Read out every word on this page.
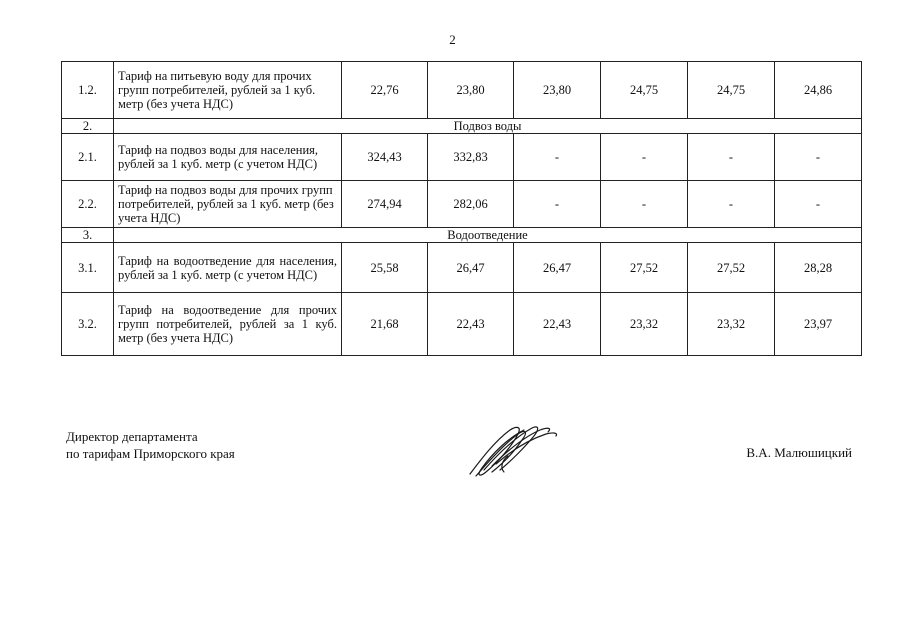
2
1.2.	Тариф на питьевую воду для прочих групп потребителей, рублей за 1 куб. метр (без учета НДС)	22,76	23,80	23,80	24,75	24,75	24,86
2.	Подвоз воды						
2.1.	Тариф на подвоз воды для населения, рублей за 1 куб. метр (с учетом НДС)	324,43	332,83	-	-	-	-
2.2.	Тариф на подвоз воды для прочих групп потребителей, рублей за 1 куб. метр (без учета НДС)	274,94	282,06	-	-	-	-
3.	Водоотведение						
3.1.	Тариф на водоотведение для населения, рублей за 1 куб. метр (с учетом НДС)	25,58	26,47	26,47	27,52	27,52	28,28
3.2.	Тариф на водоотведение для прочих групп потребителей, рублей за 1 куб. метр (без учета НДС)	21,68	22,43	22,43	23,32	23,32	23,97
Директор департамента
по тарифам Приморского края	В.А. Малюшицкий
